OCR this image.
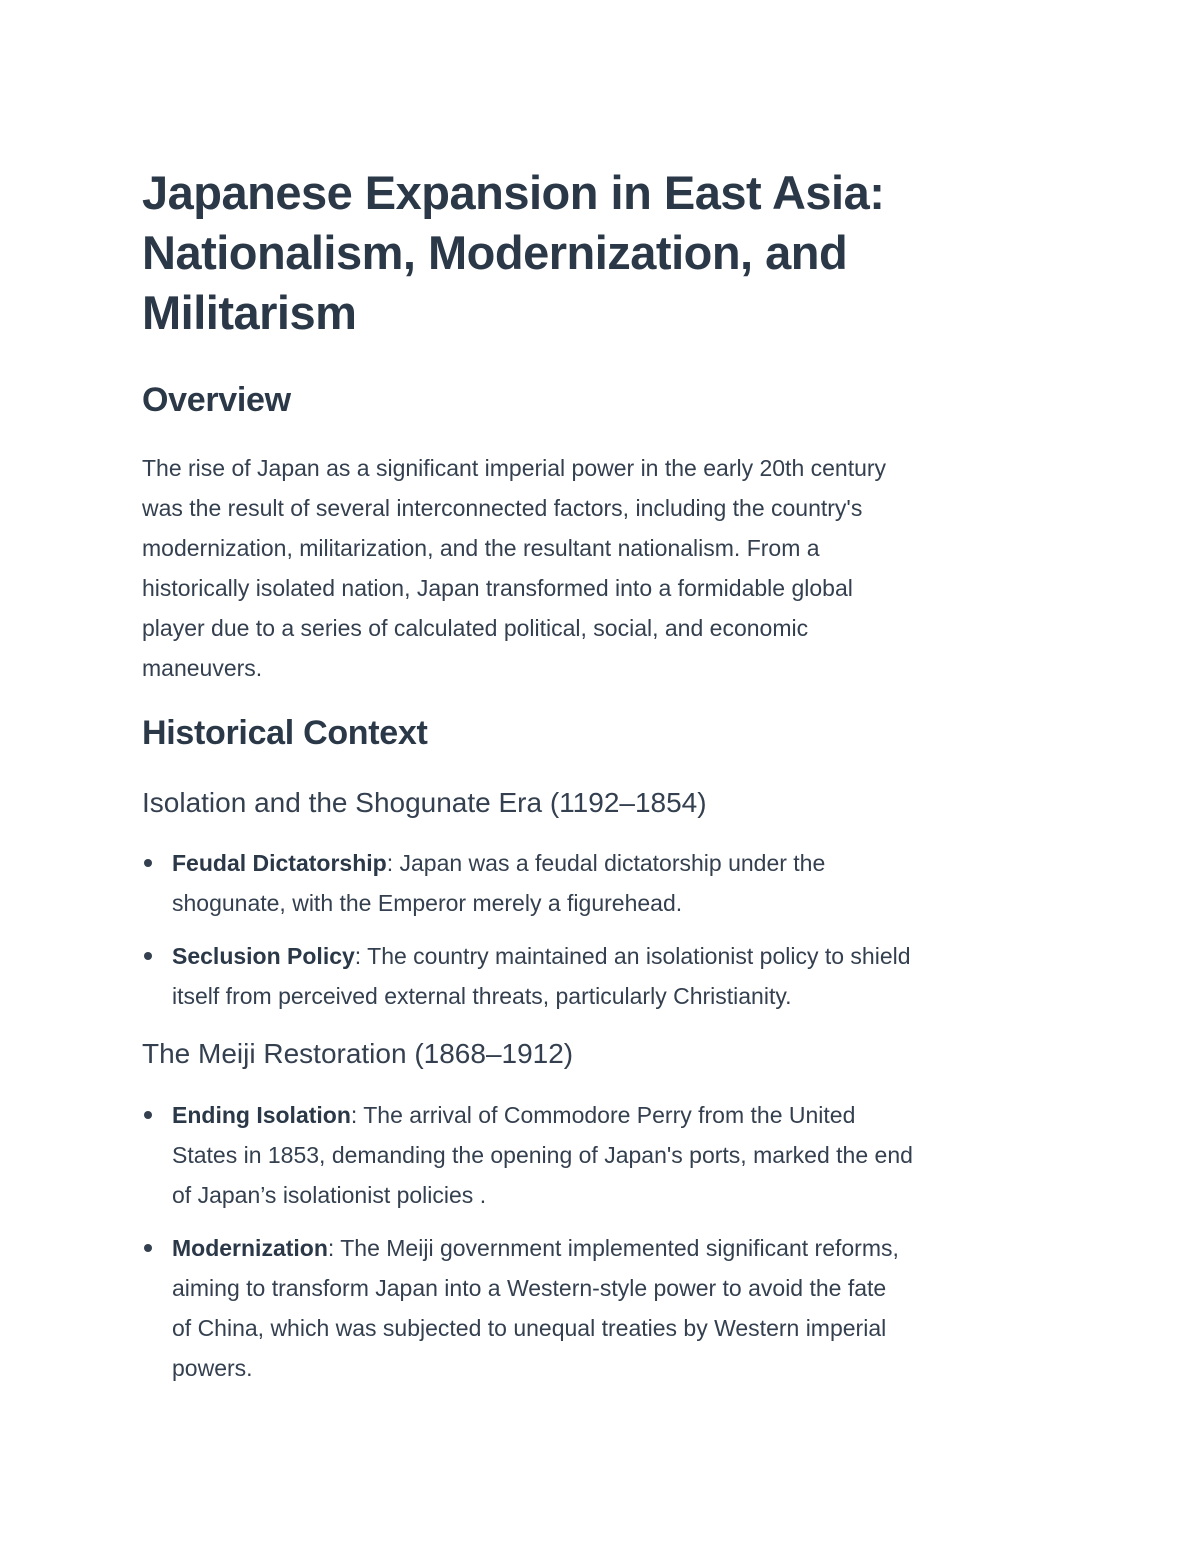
Japanese Expansion in East Asia:
Nationalism, Modernization, and
Militarism
Overview
The rise of Japan as a significant imperial power in the early 20th century
was the result of several interconnected factors, including the country's
modernization, militarization, and the resultant nationalism. From a
historically isolated nation, Japan transformed into a formidable global
player due to a series of calculated political, social, and economic
maneuvers.
Historical Context
Isolation and the Shogunate Era (1192–1854)
Feudal Dictatorship: Japan was a feudal dictatorship under the
shogunate, with the Emperor merely a figurehead.
Seclusion Policy: The country maintained an isolationist policy to shield
itself from perceived external threats, particularly Christianity.
The Meiji Restoration (1868–1912)
Ending Isolation: The arrival of Commodore Perry from the United
States in 1853, demanding the opening of Japan's ports, marked the end
of Japan’s isolationist policies .
Modernization: The Meiji government implemented significant reforms,
aiming to transform Japan into a Western-style power to avoid the fate
of China, which was subjected to unequal treaties by Western imperial
powers.
